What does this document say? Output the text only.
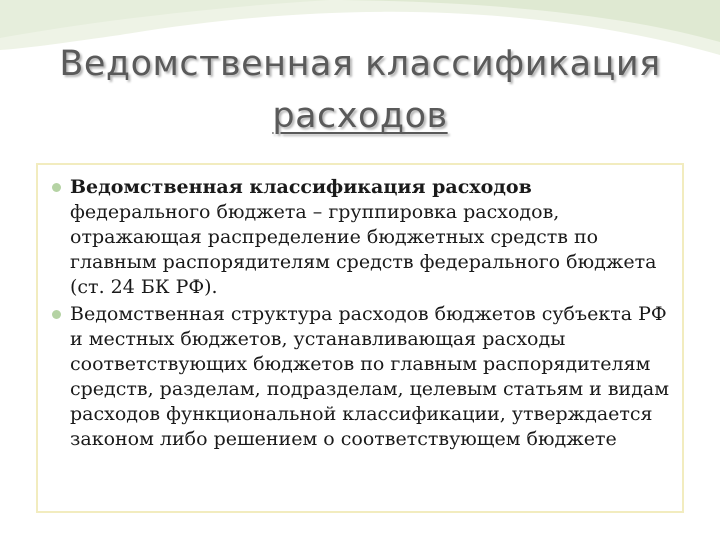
Ведомственная классификация
расходов
Ведомственная классификация расходов федерального бюджета – группировка расходов, отражающая распределение бюджетных средств по главным распорядителям средств федерального бюджета (ст. 24 БК РФ).
Ведомственная структура расходов бюджетов субъекта РФ и местных бюджетов, устанавливающая расходы соответствующих бюджетов по главным распорядителям средств, разделам, подразделам, целевым статьям и видам расходов функциональной классификации, утверждается законом либо решением о соответствующем бюджете
